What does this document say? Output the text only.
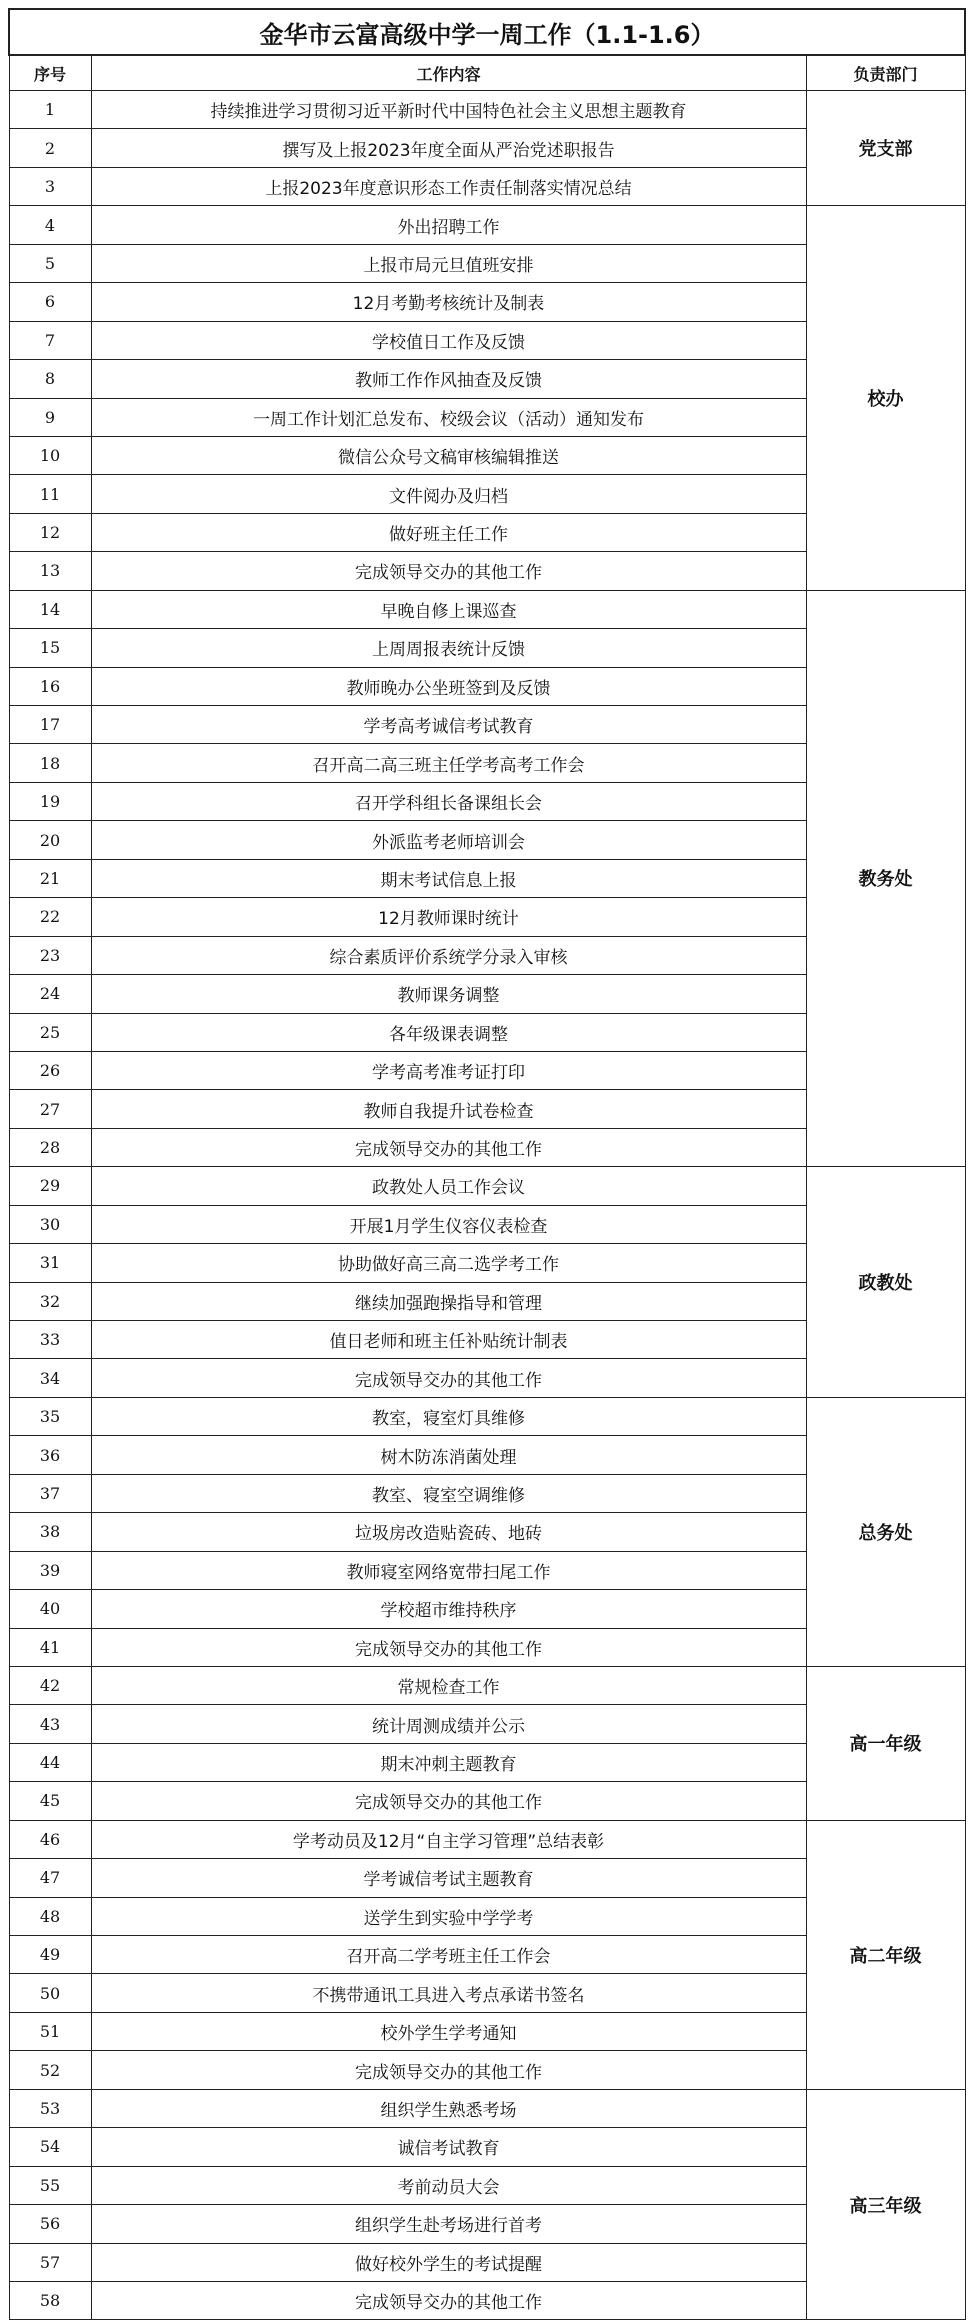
金华市云富高级中学一周工作（1.1-1.6）		
序号	工作内容	负责部门
1	持续推进学习贯彻习近平新时代中国特色社会主义思想主题教育	党支部
2	撰写及上报2023年度全面从严治党述职报告	
3	上报2023年度意识形态工作责任制落实情况总结	
4	外出招聘工作	校办
5	上报市局元旦值班安排	
6	12月考勤考核统计及制表	
7	学校值日工作及反馈	
8	教师工作作风抽查及反馈	
9	一周工作计划汇总发布、校级会议（活动）通知发布	
10	微信公众号文稿审核编辑推送	
11	文件阅办及归档	
12	做好班主任工作	
13	完成领导交办的其他工作	
14	早晚自修上课巡查	教务处
15	上周周报表统计反馈	
16	教师晚办公坐班签到及反馈	
17	学考高考诚信考试教育	
18	召开高二高三班主任学考高考工作会	
19	召开学科组长备课组长会	
20	外派监考老师培训会	
21	期末考试信息上报	
22	12月教师课时统计	
23	综合素质评价系统学分录入审核	
24	教师课务调整	
25	各年级课表调整	
26	学考高考准考证打印	
27	教师自我提升试卷检查	
28	完成领导交办的其他工作	
29	政教处人员工作会议	政教处
30	开展1月学生仪容仪表检查	
31	协助做好高三高二选学考工作	
32	继续加强跑操指导和管理	
33	值日老师和班主任补贴统计制表	
34	完成领导交办的其他工作	
35	教室，寝室灯具维修	总务处
36	树木防冻消菌处理	
37	教室、寝室空调维修	
38	垃圾房改造贴瓷砖、地砖	
39	教师寝室网络宽带扫尾工作	
40	学校超市维持秩序	
41	完成领导交办的其他工作	
42	常规检查工作	高一年级
43	统计周测成绩并公示	
44	期末冲刺主题教育	
45	完成领导交办的其他工作	
46	学考动员及12月“自主学习管理”总结表彰	高二年级
47	学考诚信考试主题教育	
48	送学生到实验中学学考	
49	召开高二学考班主任工作会	
50	不携带通讯工具进入考点承诺书签名	
51	校外学生学考通知	
52	完成领导交办的其他工作	
53	组织学生熟悉考场	高三年级
54	诚信考试教育	
55	考前动员大会	
56	组织学生赴考场进行首考	
57	做好校外学生的考试提醒	
58	完成领导交办的其他工作	
